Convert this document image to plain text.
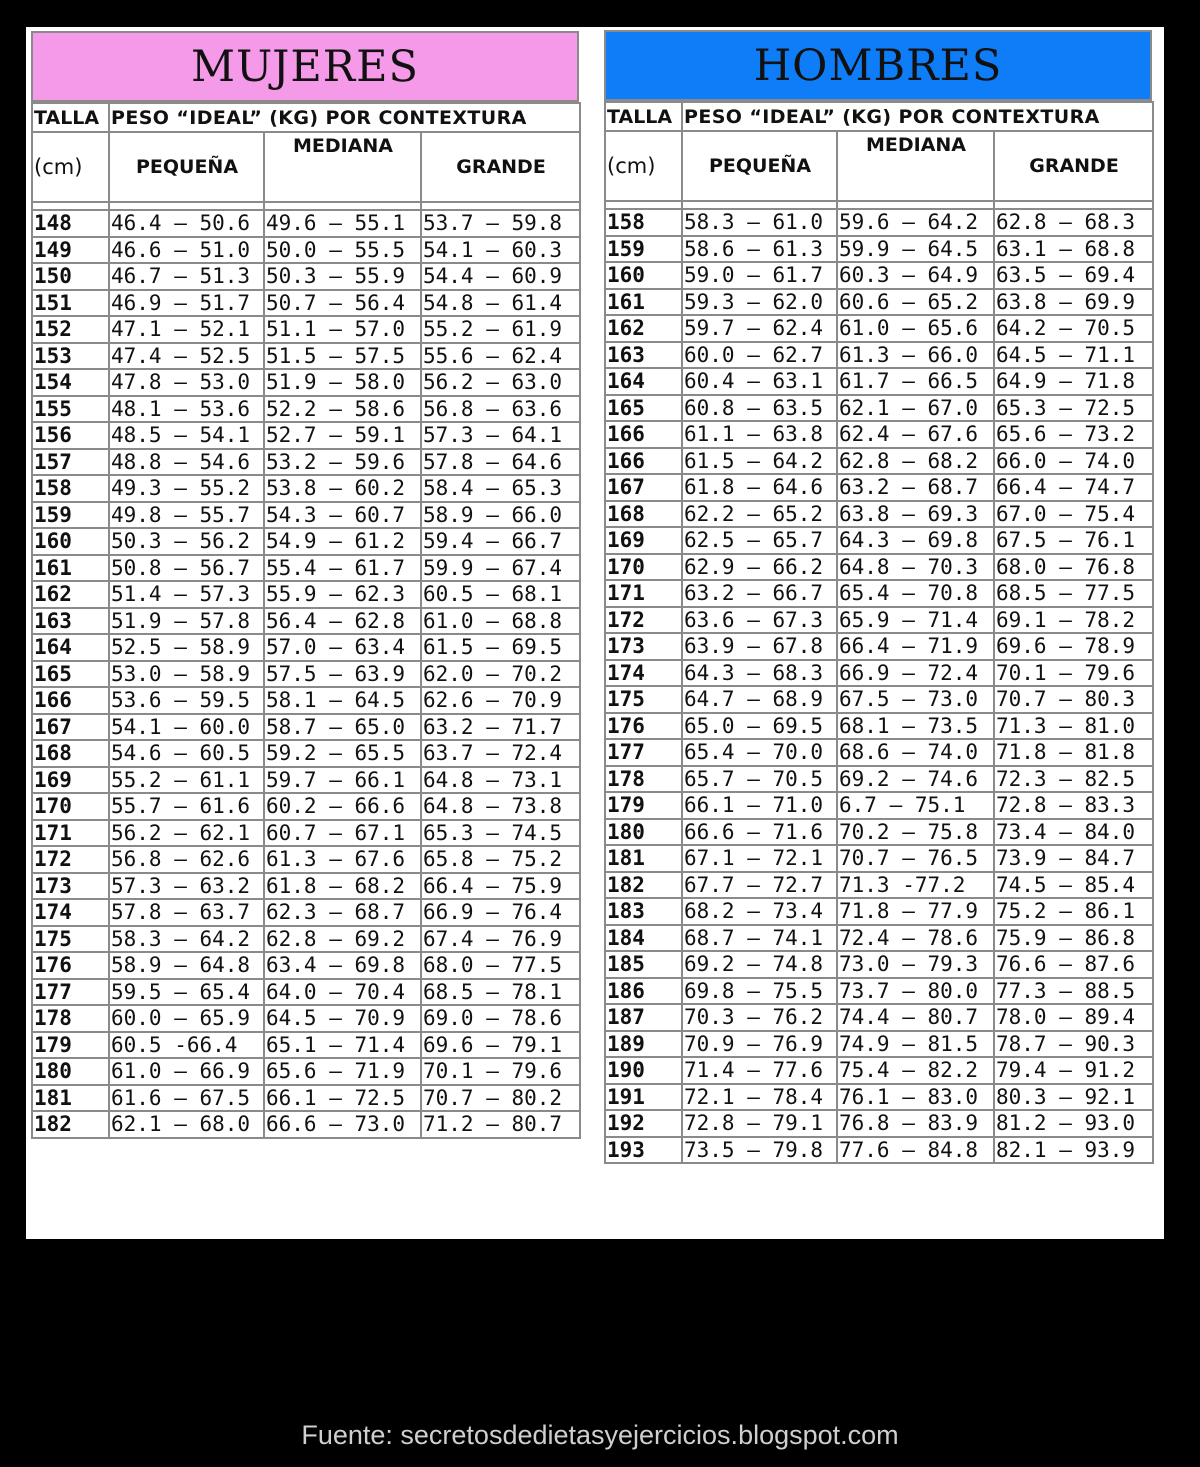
MUJERES
TALLA	PESO “IDEAL” (KG) POR CONTEXTURA		
(cm)	PEQUEÑA	MEDIANA	GRANDE

148	46.4 – 50.6	49.6 – 55.1	53.7 – 59.8
149	46.6 – 51.0	50.0 – 55.5	54.1 – 60.3
150	46.7 – 51.3	50.3 – 55.9	54.4 – 60.9
151	46.9 – 51.7	50.7 – 56.4	54.8 – 61.4
152	47.1 – 52.1	51.1 – 57.0	55.2 – 61.9
153	47.4 – 52.5	51.5 – 57.5	55.6 – 62.4
154	47.8 – 53.0	51.9 – 58.0	56.2 – 63.0
155	48.1 – 53.6	52.2 – 58.6	56.8 – 63.6
156	48.5 – 54.1	52.7 – 59.1	57.3 – 64.1
157	48.8 – 54.6	53.2 – 59.6	57.8 – 64.6
158	49.3 – 55.2	53.8 – 60.2	58.4 – 65.3
159	49.8 – 55.7	54.3 – 60.7	58.9 – 66.0
160	50.3 – 56.2	54.9 – 61.2	59.4 – 66.7
161	50.8 – 56.7	55.4 – 61.7	59.9 – 67.4
162	51.4 – 57.3	55.9 – 62.3	60.5 – 68.1
163	51.9 – 57.8	56.4 – 62.8	61.0 – 68.8
164	52.5 – 58.9	57.0 – 63.4	61.5 – 69.5
165	53.0 – 58.9	57.5 – 63.9	62.0 – 70.2
166	53.6 – 59.5	58.1 – 64.5	62.6 – 70.9
167	54.1 – 60.0	58.7 – 65.0	63.2 – 71.7
168	54.6 – 60.5	59.2 – 65.5	63.7 – 72.4
169	55.2 – 61.1	59.7 – 66.1	64.8 – 73.1
170	55.7 – 61.6	60.2 – 66.6	64.8 – 73.8
171	56.2 – 62.1	60.7 – 67.1	65.3 – 74.5
172	56.8 – 62.6	61.3 – 67.6	65.8 – 75.2
173	57.3 – 63.2	61.8 – 68.2	66.4 – 75.9
174	57.8 – 63.7	62.3 – 68.7	66.9 – 76.4
175	58.3 – 64.2	62.8 – 69.2	67.4 – 76.9
176	58.9 – 64.8	63.4 – 69.8	68.0 – 77.5
177	59.5 – 65.4	64.0 – 70.4	68.5 – 78.1
178	60.0 – 65.9	64.5 – 70.9	69.0 – 78.6
179	60.5 -66.4	65.1 – 71.4	69.6 – 79.1
180	61.0 – 66.9	65.6 – 71.9	70.1 – 79.6
181	61.6 – 67.5	66.1 – 72.5	70.7 – 80.2
182	62.1 – 68.0	66.6 – 73.0	71.2 – 80.7
HOMBRES
TALLA	PESO “IDEAL” (KG) POR CONTEXTURA		
(cm)	PEQUEÑA	MEDIANA	GRANDE

158	58.3 – 61.0	59.6 – 64.2	62.8 – 68.3
159	58.6 – 61.3	59.9 – 64.5	63.1 – 68.8
160	59.0 – 61.7	60.3 – 64.9	63.5 – 69.4
161	59.3 – 62.0	60.6 – 65.2	63.8 – 69.9
162	59.7 – 62.4	61.0 – 65.6	64.2 – 70.5
163	60.0 – 62.7	61.3 – 66.0	64.5 – 71.1
164	60.4 – 63.1	61.7 – 66.5	64.9 – 71.8
165	60.8 – 63.5	62.1 – 67.0	65.3 – 72.5
166	61.1 – 63.8	62.4 – 67.6	65.6 – 73.2
166	61.5 – 64.2	62.8 – 68.2	66.0 – 74.0
167	61.8 – 64.6	63.2 – 68.7	66.4 – 74.7
168	62.2 – 65.2	63.8 – 69.3	67.0 – 75.4
169	62.5 – 65.7	64.3 – 69.8	67.5 – 76.1
170	62.9 – 66.2	64.8 – 70.3	68.0 – 76.8
171	63.2 – 66.7	65.4 – 70.8	68.5 – 77.5
172	63.6 – 67.3	65.9 – 71.4	69.1 – 78.2
173	63.9 – 67.8	66.4 – 71.9	69.6 – 78.9
174	64.3 – 68.3	66.9 – 72.4	70.1 – 79.6
175	64.7 – 68.9	67.5 – 73.0	70.7 – 80.3
176	65.0 – 69.5	68.1 – 73.5	71.3 – 81.0
177	65.4 – 70.0	68.6 – 74.0	71.8 – 81.8
178	65.7 – 70.5	69.2 – 74.6	72.3 – 82.5
179	66.1 – 71.0	6.7 – 75.1	72.8 – 83.3
180	66.6 – 71.6	70.2 – 75.8	73.4 – 84.0
181	67.1 – 72.1	70.7 – 76.5	73.9 – 84.7
182	67.7 – 72.7	71.3 -77.2	74.5 – 85.4
183	68.2 – 73.4	71.8 – 77.9	75.2 – 86.1
184	68.7 – 74.1	72.4 – 78.6	75.9 – 86.8
185	69.2 – 74.8	73.0 – 79.3	76.6 – 87.6
186	69.8 – 75.5	73.7 – 80.0	77.3 – 88.5
187	70.3 – 76.2	74.4 – 80.7	78.0 – 89.4
189	70.9 – 76.9	74.9 – 81.5	78.7 – 90.3
190	71.4 – 77.6	75.4 – 82.2	79.4 – 91.2
191	72.1 – 78.4	76.1 – 83.0	80.3 – 92.1
192	72.8 – 79.1	76.8 – 83.9	81.2 – 93.0
193	73.5 – 79.8	77.6 – 84.8	82.1 – 93.9
Fuente: secretosdedietasyejercicios.blogspot.com
